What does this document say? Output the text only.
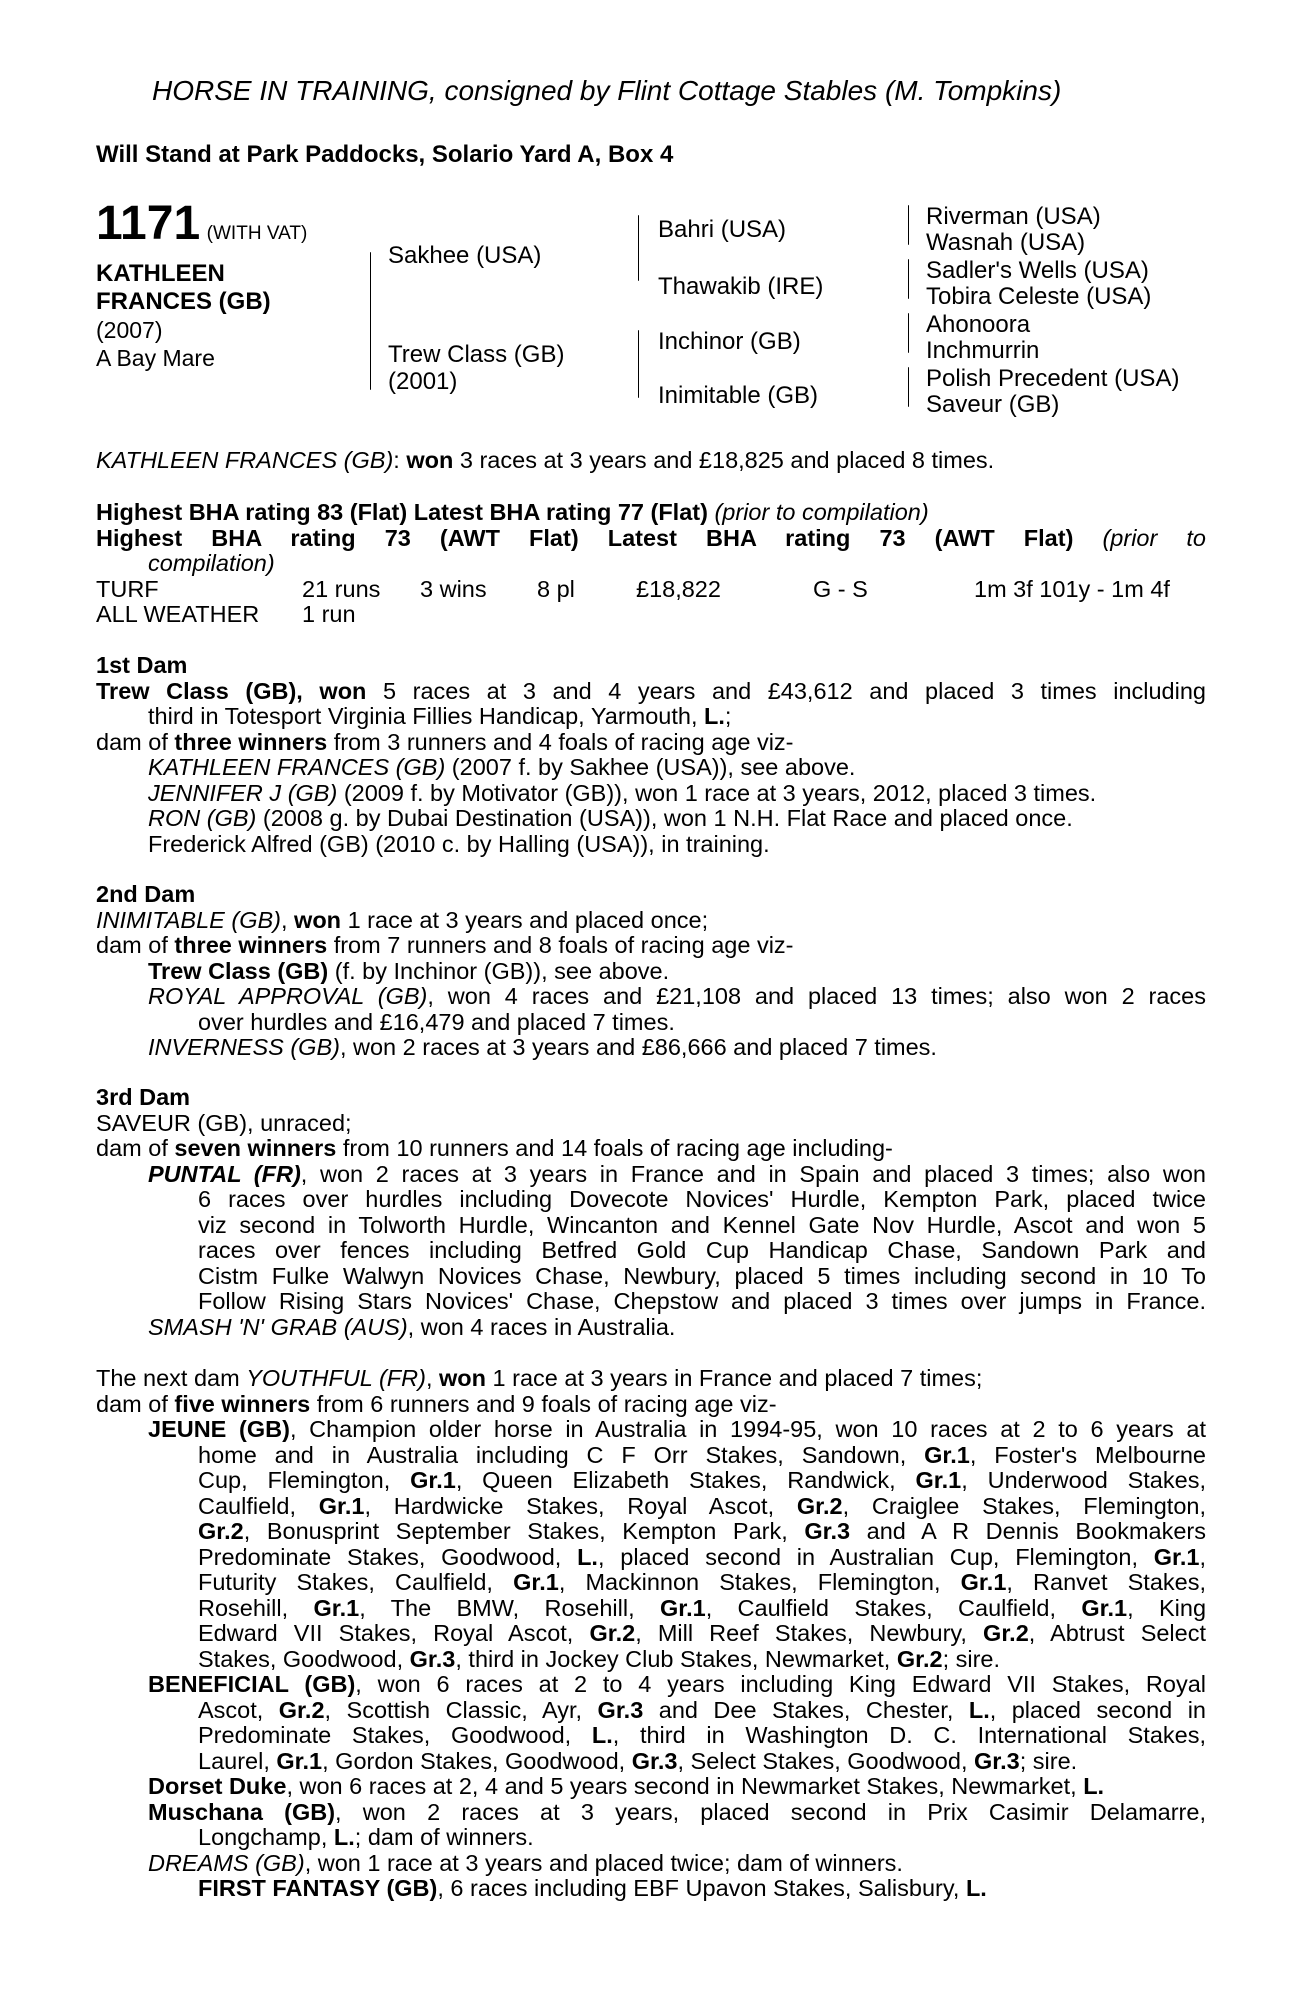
HORSE IN TRAINING, consigned by Flint Cottage Stables (M. Tompkins)
Will Stand at Park Paddocks, Solario Yard A, Box 4
1171 (WITH VAT)
KATHLEEN
FRANCES (GB)
(2007)
A Bay Mare
Sakhee (USA)
Trew Class (GB)
(2001)
Bahri (USA)
Thawakib (IRE)
Inchinor (GB)
Inimitable (GB)
Riverman (USA)
Wasnah (USA)
Sadler's Wells (USA)
Tobira Celeste (USA)
Ahonoora
Inchmurrin
Polish Precedent (USA)
Saveur (GB)
KATHLEEN FRANCES (GB): won 3 races at 3 years and £18,825 and placed 8 times.
Highest BHA rating 83 (Flat) Latest BHA rating 77 (Flat) (prior to compilation)
Highest BHA rating 73 (AWT Flat) Latest BHA rating 73 (AWT Flat) (prior to
compilation)
TURF	21 runs 3 wins 8 pl	£18,822	G - S	1m 3f 101y - 1m 4f
ALL WEATHER 1 run
1st Dam
Trew Class (GB), won 5 races at 3 and 4 years and £43,612 and placed 3 times including
third in Totesport Virginia Fillies Handicap, Yarmouth, L.;
dam of three winners from 3 runners and 4 foals of racing age viz-
KATHLEEN FRANCES (GB) (2007 f. by Sakhee (USA)), see above.
JENNIFER J (GB) (2009 f. by Motivator (GB)), won 1 race at 3 years, 2012, placed 3 times.
RON (GB) (2008 g. by Dubai Destination (USA)), won 1 N.H. Flat Race and placed once.
Frederick Alfred (GB) (2010 c. by Halling (USA)), in training.
2nd Dam
INIMITABLE (GB), won 1 race at 3 years and placed once;
dam of three winners from 7 runners and 8 foals of racing age viz-
Trew Class (GB) (f. by Inchinor (GB)), see above.
ROYAL APPROVAL (GB), won 4 races and £21,108 and placed 13 times; also won 2 races
over hurdles and £16,479 and placed 7 times.
INVERNESS (GB), won 2 races at 3 years and £86,666 and placed 7 times.
3rd Dam
SAVEUR (GB), unraced;
dam of seven winners from 10 runners and 14 foals of racing age including-
PUNTAL (FR), won 2 races at 3 years in France and in Spain and placed 3 times; also won
6 races over hurdles including Dovecote Novices' Hurdle, Kempton Park, placed twice
viz second in Tolworth Hurdle, Wincanton and Kennel Gate Nov Hurdle, Ascot and won 5
races over fences including Betfred Gold Cup Handicap Chase, Sandown Park and
Cistm Fulke Walwyn Novices Chase, Newbury, placed 5 times including second in 10 To
Follow Rising Stars Novices' Chase, Chepstow and placed 3 times over jumps in France.
SMASH 'N' GRAB (AUS), won 4 races in Australia.
The next dam YOUTHFUL (FR), won 1 race at 3 years in France and placed 7 times;
dam of five winners from 6 runners and 9 foals of racing age viz-
JEUNE (GB), Champion older horse in Australia in 1994-95, won 10 races at 2 to 6 years at
home and in Australia including C F Orr Stakes, Sandown, Gr.1, Foster's Melbourne
Cup, Flemington, Gr.1, Queen Elizabeth Stakes, Randwick, Gr.1, Underwood Stakes,
Caulfield, Gr.1, Hardwicke Stakes, Royal Ascot, Gr.2, Craiglee Stakes, Flemington,
Gr.2, Bonusprint September Stakes, Kempton Park, Gr.3 and A R Dennis Bookmakers
Predominate Stakes, Goodwood, L., placed second in Australian Cup, Flemington, Gr.1,
Futurity Stakes, Caulfield, Gr.1, Mackinnon Stakes, Flemington, Gr.1, Ranvet Stakes,
Rosehill, Gr.1, The BMW, Rosehill, Gr.1, Caulfield Stakes, Caulfield, Gr.1, King
Edward VII Stakes, Royal Ascot, Gr.2, Mill Reef Stakes, Newbury, Gr.2, Abtrust Select
Stakes, Goodwood, Gr.3, third in Jockey Club Stakes, Newmarket, Gr.2; sire.
BENEFICIAL (GB), won 6 races at 2 to 4 years including King Edward VII Stakes, Royal
Ascot, Gr.2, Scottish Classic, Ayr, Gr.3 and Dee Stakes, Chester, L., placed second in
Predominate Stakes, Goodwood, L., third in Washington D. C. International Stakes,
Laurel, Gr.1, Gordon Stakes, Goodwood, Gr.3, Select Stakes, Goodwood, Gr.3; sire.
Dorset Duke, won 6 races at 2, 4 and 5 years second in Newmarket Stakes, Newmarket, L.
Muschana (GB), won 2 races at 3 years, placed second in Prix Casimir Delamarre,
Longchamp, L.; dam of winners.
DREAMS (GB), won 1 race at 3 years and placed twice; dam of winners.
FIRST FANTASY (GB), 6 races including EBF Upavon Stakes, Salisbury, L.
